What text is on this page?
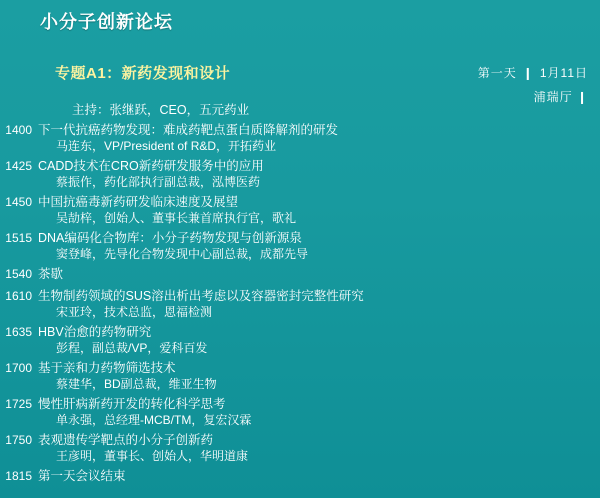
小分子创新论坛
专题A1：新药发现和设计	第一天 ❙ 1月11日
浦瑞厅 ❙
主持：张继跃，CEO，五元药业
1400 下一代抗癌药物发现：难成药靶点蛋白质降解剂的研发
马连东，VP/President of R&D，开拓药业
1425 CADD技术在CRO新药研发服务中的应用
蔡振作，药化部执行副总裁，泓博医药
1450 中国抗癌毒新药研发临床速度及展望
吴劼梓，创始人、董事长兼首席执行官，歌礼
1515 DNA编码化合物库：小分子药物发现与创新源泉
窦登峰，先导化合物发现中心副总裁，成都先导
1540 茶歇
1610 生物制药领域的SUS溶出析出考虑以及容器密封完整性研究
宋亚玲，技术总监，恩福检测
1635 HBV治愈的药物研究
彭程，副总裁/VP，爱科百发
1700 基于亲和力药物筛选技术
蔡建华，BD副总裁，维亚生物
1725 慢性肝病新药开发的转化科学思考
单永强，总经理-MCB/TM，复宏汉霖
1750 表观遗传学靶点的小分子创新药
王彦明，董事长、创始人，华明道康
1815 第一天会议结束
